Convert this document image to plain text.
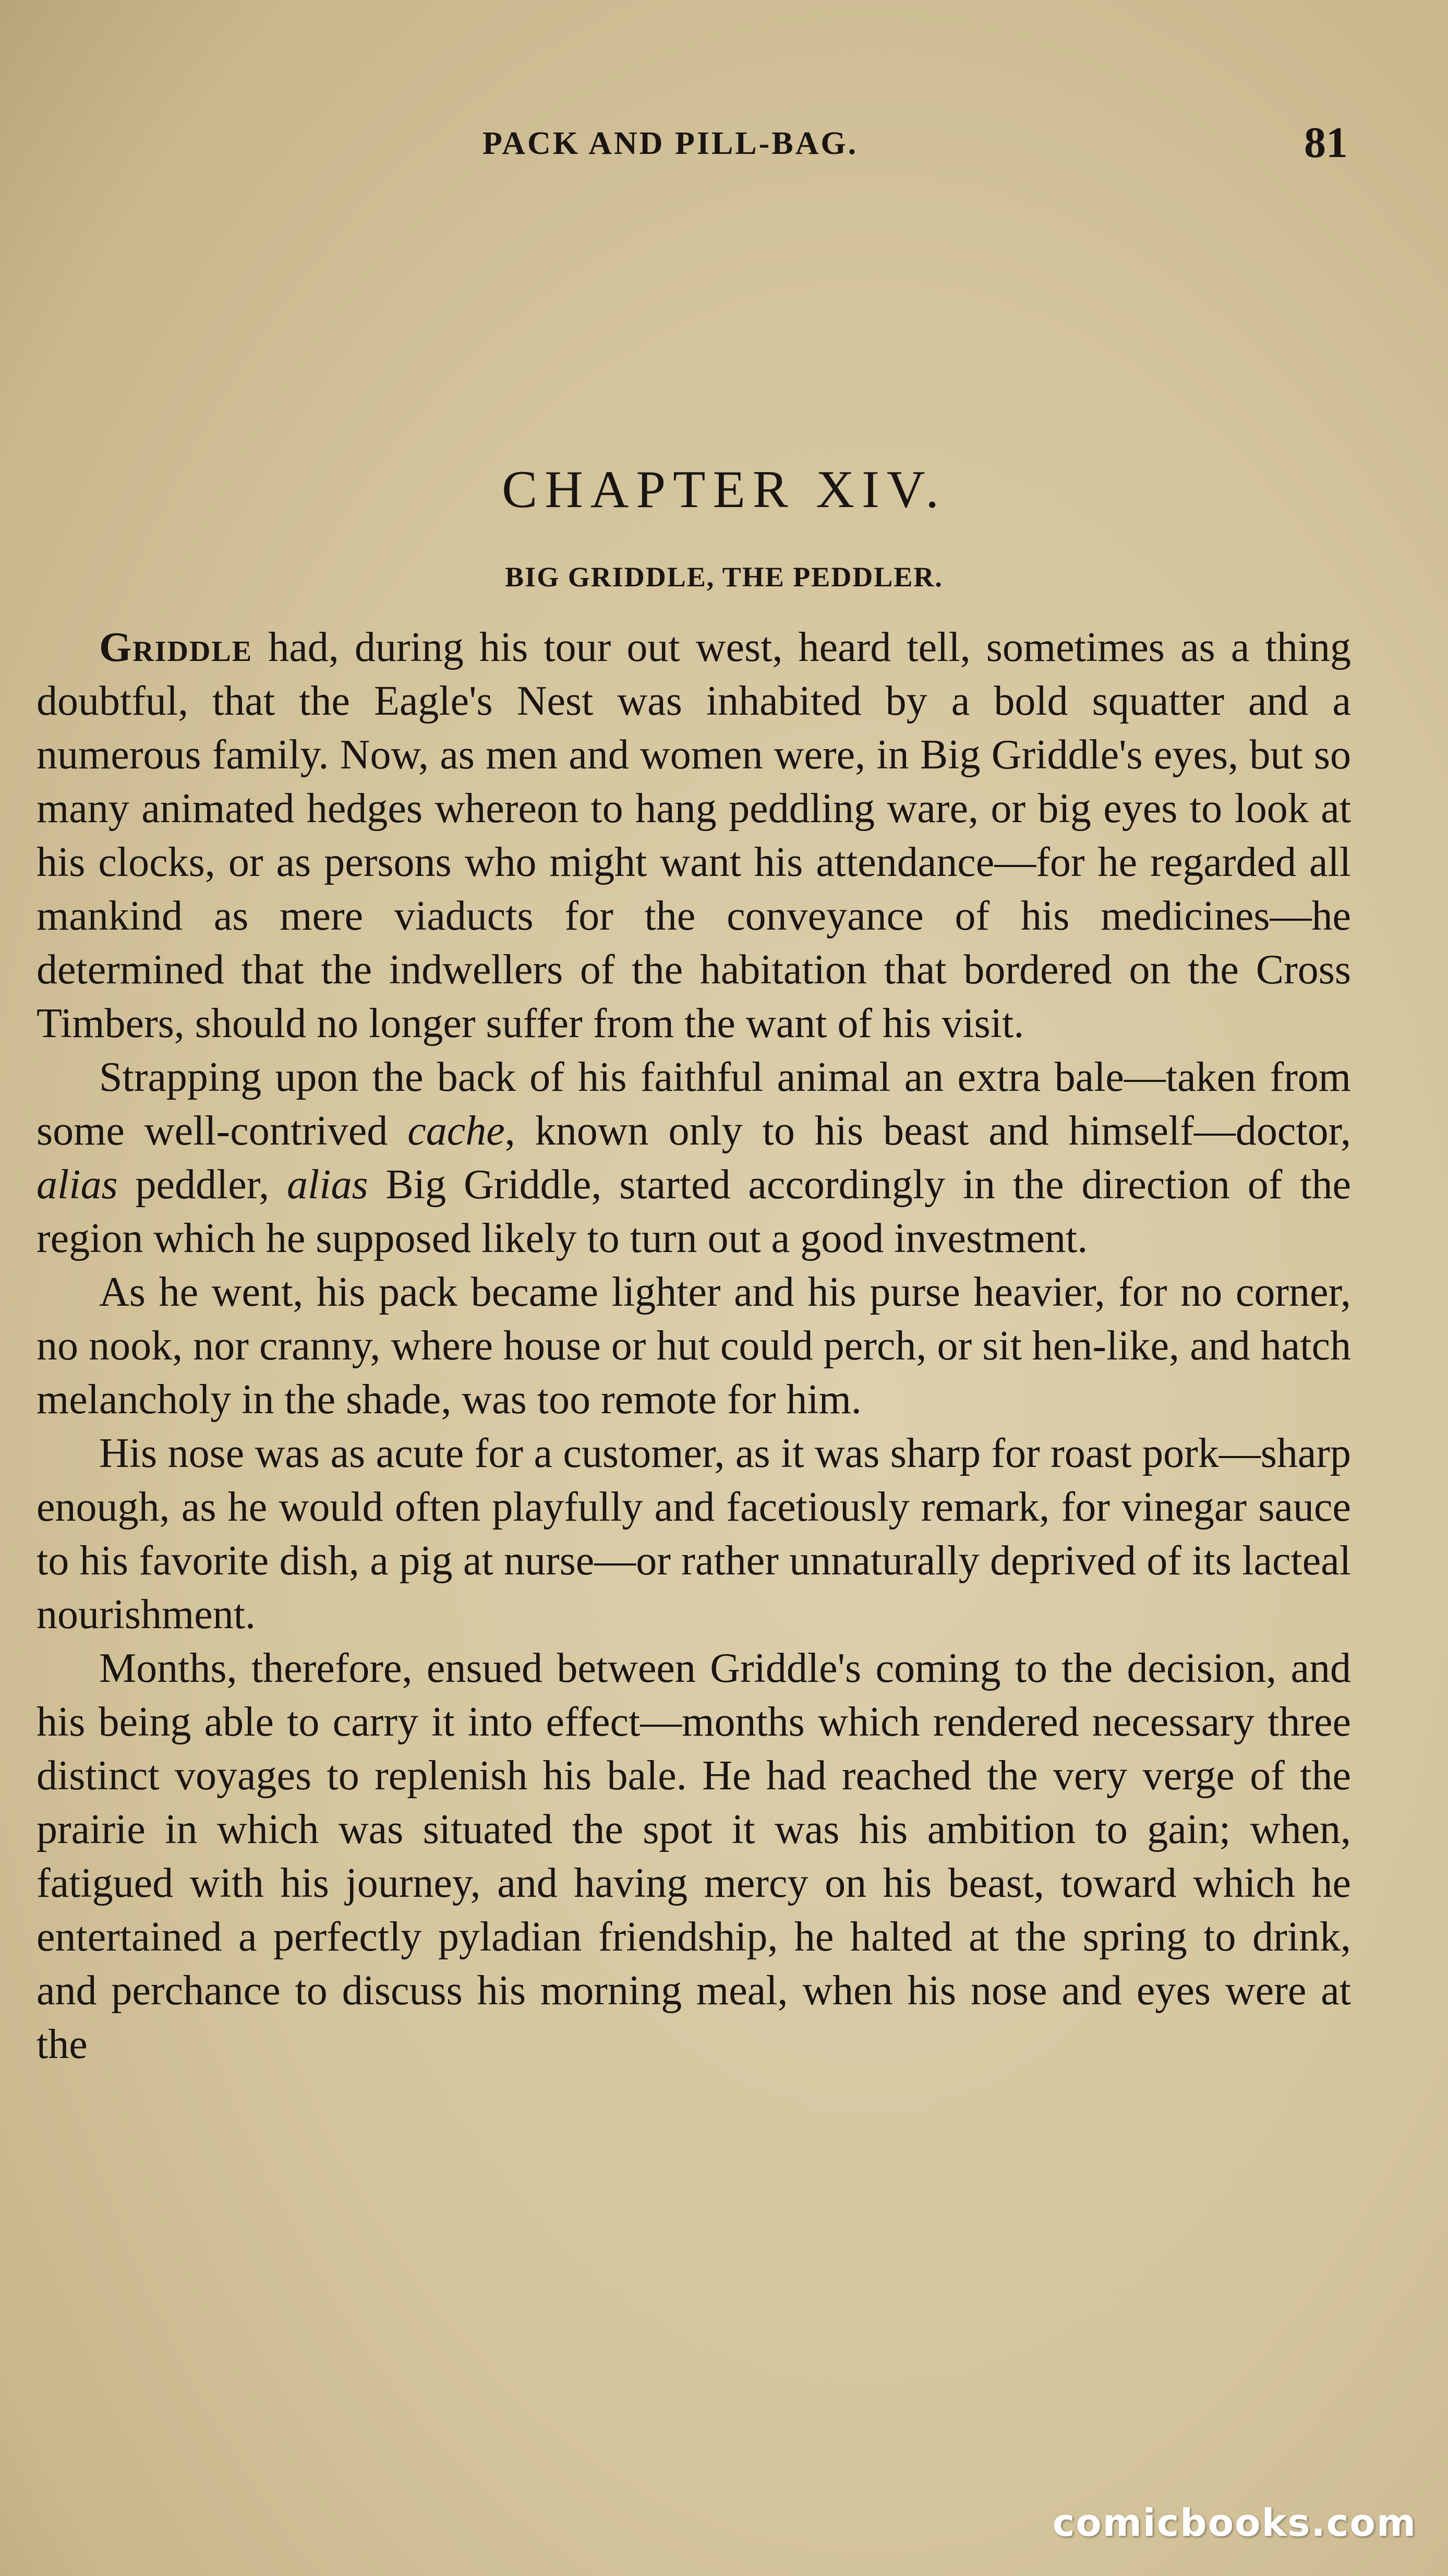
PACK AND PILL-BAG.	81
CHAPTER XIV.
BIG GRIDDLE, THE PEDDLER.

Griddle had, during his tour out west, heard tell, sometimes as a thing doubtful, that the Eagle's Nest was inhabited by a bold squatter and a numerous family. Now, as men and women were, in Big Griddle's eyes, but so many animated hedges whereon to hang peddling ware, or big eyes to look at his clocks, or as persons who might want his attendance—for he regarded all mankind as mere viaducts for the conveyance of his medicines—he determined that the indwellers of the habitation that bordered on the Cross Timbers, should no longer suffer from the want of his visit.

Strapping upon the back of his faithful animal an extra bale—taken from some well-contrived cache, known only to his beast and himself—doctor, alias peddler, alias Big Griddle, started accordingly in the direction of the region which he supposed likely to turn out a good investment.

As he went, his pack became lighter and his purse heavier, for no corner, no nook, nor cranny, where house or hut could perch, or sit hen-like, and hatch melancholy in the shade, was too remote for him.

His nose was as acute for a customer, as it was sharp for roast pork—sharp enough, as he would often playfully and facetiously remark, for vinegar sauce to his favorite dish, a pig at nurse—or rather unnaturally deprived of its lacteal nourishment.

Months, therefore, ensued between Griddle's coming to the decision, and his being able to carry it into effect—months which rendered necessary three distinct voyages to replenish his bale. He had reached the very verge of the prairie in which was situated the spot it was his ambition to gain; when, fatigued with his journey, and having mercy on his beast, toward which he entertained a perfectly pyladian friendship, he halted at the spring to drink, and perchance to discuss his morning meal, when his nose and eyes were at the

comicbooks.com
